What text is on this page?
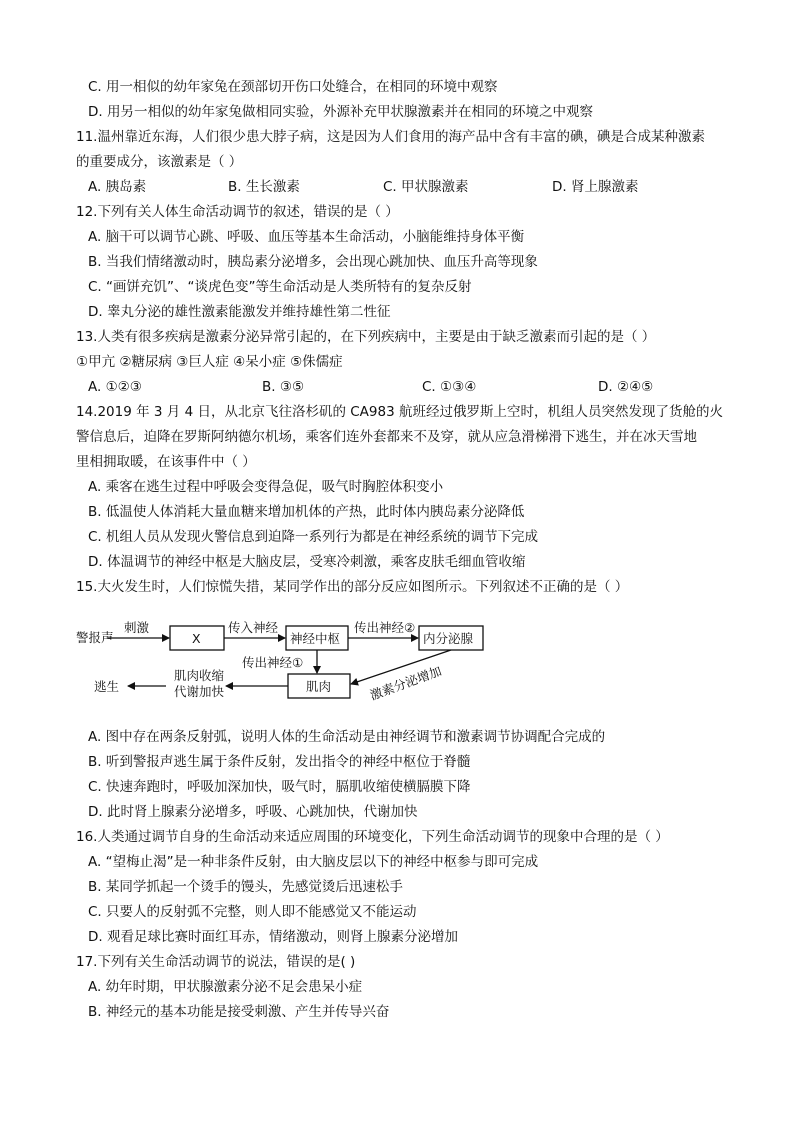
C. 用一相似的幼年家兔在颈部切开伤口处缝合，在相同的环境中观察
D. 用另一相似的幼年家兔做相同实验，外源补充甲状腺激素并在相同的环境之中观察
11.温州靠近东海，人们很少患大脖子病，这是因为人们食用的海产品中含有丰富的碘，碘是合成某种激素
的重要成分，该激素是（ ）
A. 胰岛素	B. 生长激素	C. 甲状腺激素	D. 肾上腺激素
12.下列有关人体生命活动调节的叙述，错误的是（ ）
A. 脑干可以调节心跳、呼吸、血压等基本生命活动，小脑能维持身体平衡
B. 当我们情绪激动时，胰岛素分泌增多，会出现心跳加快、血压升高等现象
C. “画饼充饥”、“谈虎色变”等生命活动是人类所特有的复杂反射
D. 睾丸分泌的雄性激素能激发并维持雄性第二性征
13.人类有很多疾病是激素分泌异常引起的，在下列疾病中，主要是由于缺乏激素而引起的是（ ）
①甲亢 ②糖尿病 ③巨人症 ④呆小症 ⑤侏儒症
A. ①②③	B. ③⑤	C. ①③④	D. ②④⑤
14.2019 年 3 月 4 日，从北京飞往洛杉矶的 CA983 航班经过俄罗斯上空时，机组人员突然发现了货舱的火
警信息后，迫降在罗斯阿纳德尔机场，乘客们连外套都来不及穿，就从应急滑梯滑下逃生，并在冰天雪地
里相拥取暖，在该事件中（ ）
A. 乘客在逃生过程中呼吸会变得急促，吸气时胸腔体积变小
B. 低温使人体消耗大量血糖来增加机体的产热，此时体内胰岛素分泌降低
C. 机组人员从发现火警信息到迫降一系列行为都是在神经系统的调节下完成
D. 体温调节的神经中枢是大脑皮层，受寒冷刺激，乘客皮肤毛细血管收缩
15.大火发生时，人们惊慌失措，某同学作出的部分反应如图所示。下列叙述不正确的是（ ）
警报声
刺激
X
传入神经
神经中枢
传出神经②
内分泌腺
传出神经①
肌肉	激素分泌增加
肌肉收缩
代谢加快
逃生
A. 图中存在两条反射弧，说明人体的生命活动是由神经调节和激素调节协调配合完成的
B. 听到警报声逃生属于条件反射，发出指令的神经中枢位于脊髓
C. 快速奔跑时，呼吸加深加快，吸气时，膈肌收缩使横膈膜下降
D. 此时肾上腺素分泌增多，呼吸、心跳加快，代谢加快
16.人类通过调节自身的生命活动来适应周围的环境变化，下列生命活动调节的现象中合理的是（ ）
A. “望梅止渴”是一种非条件反射，由大脑皮层以下的神经中枢参与即可完成
B. 某同学抓起一个烫手的馒头，先感觉烫后迅速松手
C. 只要人的反射弧不完整，则人即不能感觉又不能运动
D. 观看足球比赛时面红耳赤，情绪激动，则肾上腺素分泌增加
17.下列有关生命活动调节的说法，错误的是( )
A. 幼年时期，甲状腺激素分泌不足会患呆小症
B. 神经元的基本功能是接受刺激、产生并传导兴奋
